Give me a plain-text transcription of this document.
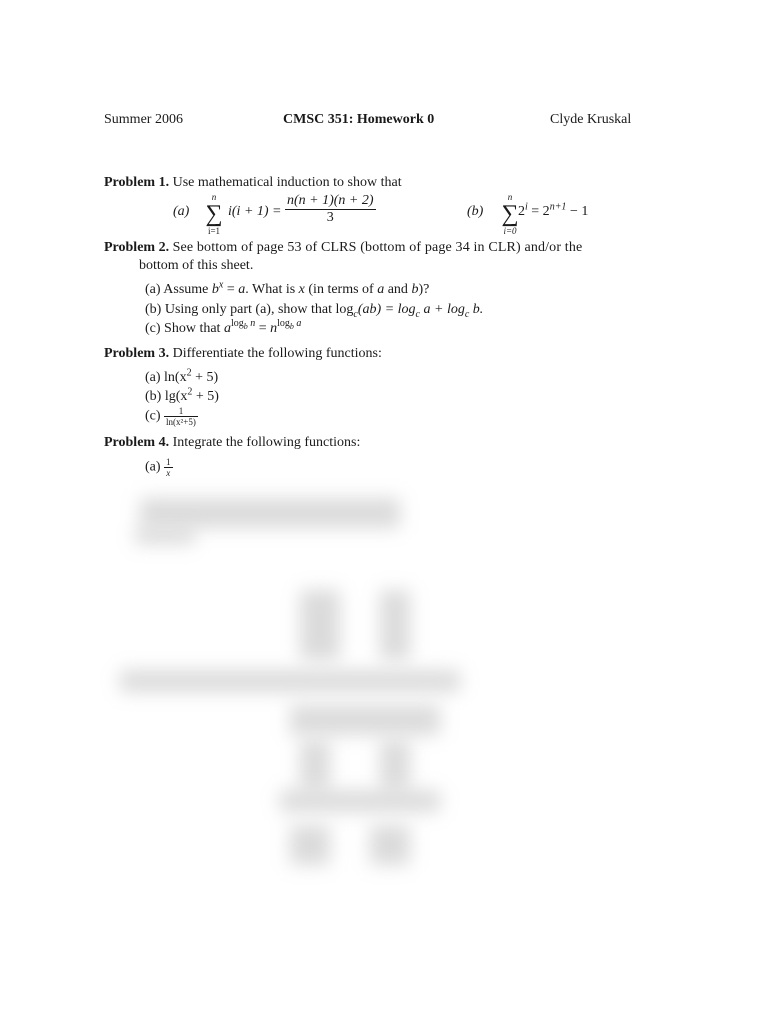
Summer 2006	CMSC 351: Homework 0	Clyde Kruskal
Problem 1. Use mathematical induction to show that
(a)
n
∑
i=1
$i(i + 1) = \frac{n(n + 1)(n + 2)}{3}$	(b)
n
∑
i=0
$2^i = 2^{n+1} - 1$
Problem 2. See bottom of page 53 of CLRS (bottom of page 34 in CLR) and/or the
bottom of this sheet.
(a) Assume $b^x = a$. What is x (in terms of a and b)?
(b) Using only part (a), show that $\log_c(ab) = \log_c a + \log_c b$.
(c) Show that $a^{log_b n} = n^{log_b a}$
Problem 3. Differentiate the following functions:
(a) $\ln(x^2 + 5)$
(b) $\lg(x^2 + 5)$
$(c) \frac{1}{\text{ln(x²+5)}}$
Problem 4. Integrate the following functions:
$(a) \frac{1}{x}$
